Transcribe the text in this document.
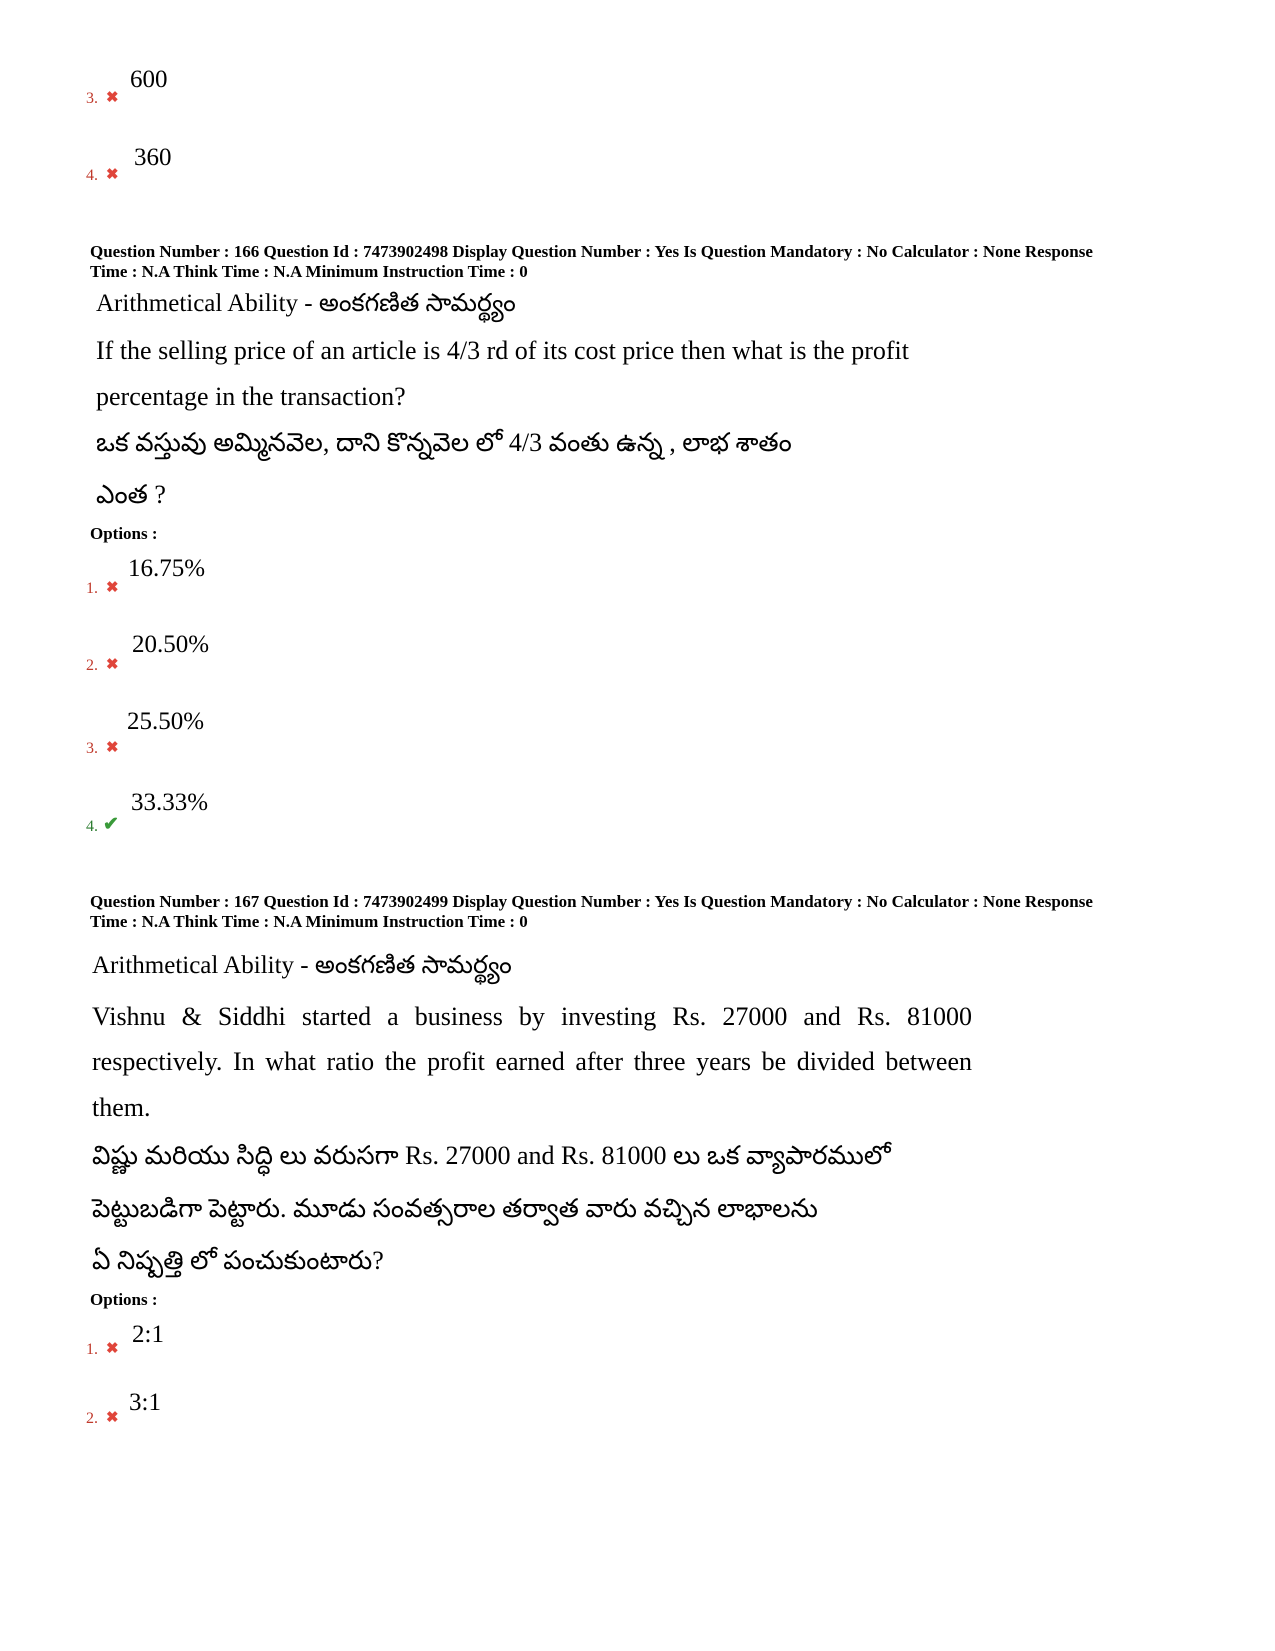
3. ✖
600
4. ✖
360
Question Number : 166 Question Id : 7473902498 Display Question Number : Yes Is Question Mandatory : No Calculator : None Response
Time : N.A Think Time : N.A Minimum Instruction Time : 0
Arithmetical Ability - అంకగణిత సామర్థ్యం
If the selling price of an article is 4/3 rd of its cost price then what is the profit
percentage in the transaction?
ఒక వస్తువు అమ్మినవెల, దాని కొన్నవెల లో 4/3 వంతు ఉన్న , లాభ శాతం
ఎంత ?
Options :
1. ✖
16.75%
2. ✖
20.50%
3. ✖
25.50%
4. ✔
33.33%
Question Number : 167 Question Id : 7473902499 Display Question Number : Yes Is Question Mandatory : No Calculator : None Response
Time : N.A Think Time : N.A Minimum Instruction Time : 0
Arithmetical Ability - అంకగణిత సామర్థ్యం
Vishnu & Siddhi started a business by investing Rs. 27000 and Rs. 81000
respectively. In what ratio the profit earned after three years be divided between
them.
విష్ణు మరియు సిద్ధి లు వరుసగా Rs. 27000 and Rs. 81000 లు ఒక వ్యాపారములో
పెట్టుబడిగా పెట్టారు. మూడు సంవత్సరాల తర్వాత వారు వచ్చిన లాభాలను
ఏ నిష్పత్తి లో పంచుకుంటారు?
Options :
1. ✖
2:1
2. ✖
3:1
